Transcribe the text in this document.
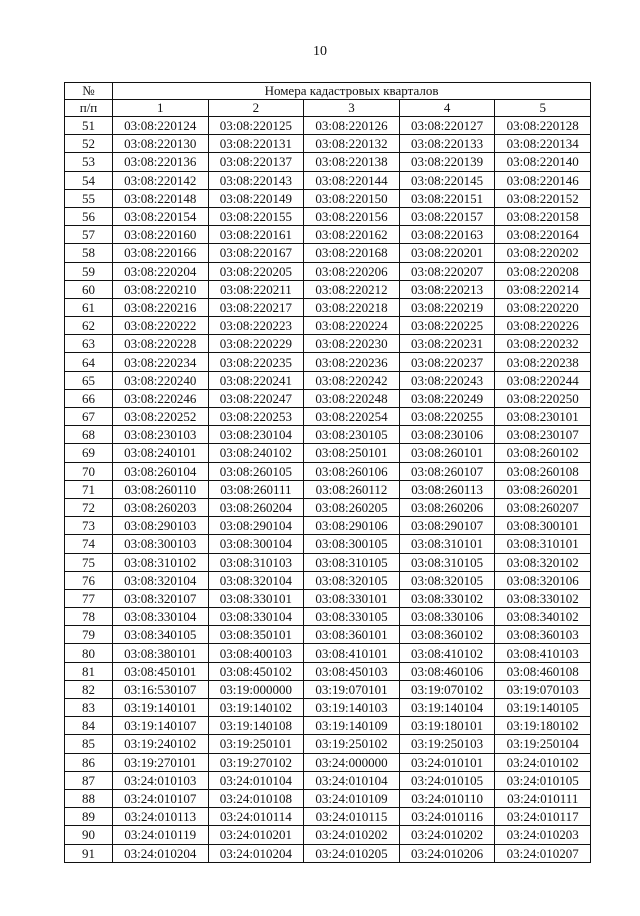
10
№	Номера кадастровых кварталов				
п/п	1	2	3	4	5
51	03:08:220124	03:08:220125	03:08:220126	03:08:220127	03:08:220128
52	03:08:220130	03:08:220131	03:08:220132	03:08:220133	03:08:220134
53	03:08:220136	03:08:220137	03:08:220138	03:08:220139	03:08:220140
54	03:08:220142	03:08:220143	03:08:220144	03:08:220145	03:08:220146
55	03:08:220148	03:08:220149	03:08:220150	03:08:220151	03:08:220152
56	03:08:220154	03:08:220155	03:08:220156	03:08:220157	03:08:220158
57	03:08:220160	03:08:220161	03:08:220162	03:08:220163	03:08:220164
58	03:08:220166	03:08:220167	03:08:220168	03:08:220201	03:08:220202
59	03:08:220204	03:08:220205	03:08:220206	03:08:220207	03:08:220208
60	03:08:220210	03:08:220211	03:08:220212	03:08:220213	03:08:220214
61	03:08:220216	03:08:220217	03:08:220218	03:08:220219	03:08:220220
62	03:08:220222	03:08:220223	03:08:220224	03:08:220225	03:08:220226
63	03:08:220228	03:08:220229	03:08:220230	03:08:220231	03:08:220232
64	03:08:220234	03:08:220235	03:08:220236	03:08:220237	03:08:220238
65	03:08:220240	03:08:220241	03:08:220242	03:08:220243	03:08:220244
66	03:08:220246	03:08:220247	03:08:220248	03:08:220249	03:08:220250
67	03:08:220252	03:08:220253	03:08:220254	03:08:220255	03:08:230101
68	03:08:230103	03:08:230104	03:08:230105	03:08:230106	03:08:230107
69	03:08:240101	03:08:240102	03:08:250101	03:08:260101	03:08:260102
70	03:08:260104	03:08:260105	03:08:260106	03:08:260107	03:08:260108
71	03:08:260110	03:08:260111	03:08:260112	03:08:260113	03:08:260201
72	03:08:260203	03:08:260204	03:08:260205	03:08:260206	03:08:260207
73	03:08:290103	03:08:290104	03:08:290106	03:08:290107	03:08:300101
74	03:08:300103	03:08:300104	03:08:300105	03:08:310101	03:08:310101
75	03:08:310102	03:08:310103	03:08:310105	03:08:310105	03:08:320102
76	03:08:320104	03:08:320104	03:08:320105	03:08:320105	03:08:320106
77	03:08:320107	03:08:330101	03:08:330101	03:08:330102	03:08:330102
78	03:08:330104	03:08:330104	03:08:330105	03:08:330106	03:08:340102
79	03:08:340105	03:08:350101	03:08:360101	03:08:360102	03:08:360103
80	03:08:380101	03:08:400103	03:08:410101	03:08:410102	03:08:410103
81	03:08:450101	03:08:450102	03:08:450103	03:08:460106	03:08:460108
82	03:16:530107	03:19:000000	03:19:070101	03:19:070102	03:19:070103
83	03:19:140101	03:19:140102	03:19:140103	03:19:140104	03:19:140105
84	03:19:140107	03:19:140108	03:19:140109	03:19:180101	03:19:180102
85	03:19:240102	03:19:250101	03:19:250102	03:19:250103	03:19:250104
86	03:19:270101	03:19:270102	03:24:000000	03:24:010101	03:24:010102
87	03:24:010103	03:24:010104	03:24:010104	03:24:010105	03:24:010105
88	03:24:010107	03:24:010108	03:24:010109	03:24:010110	03:24:010111
89	03:24:010113	03:24:010114	03:24:010115	03:24:010116	03:24:010117
90	03:24:010119	03:24:010201	03:24:010202	03:24:010202	03:24:010203
91	03:24:010204	03:24:010204	03:24:010205	03:24:010206	03:24:010207
